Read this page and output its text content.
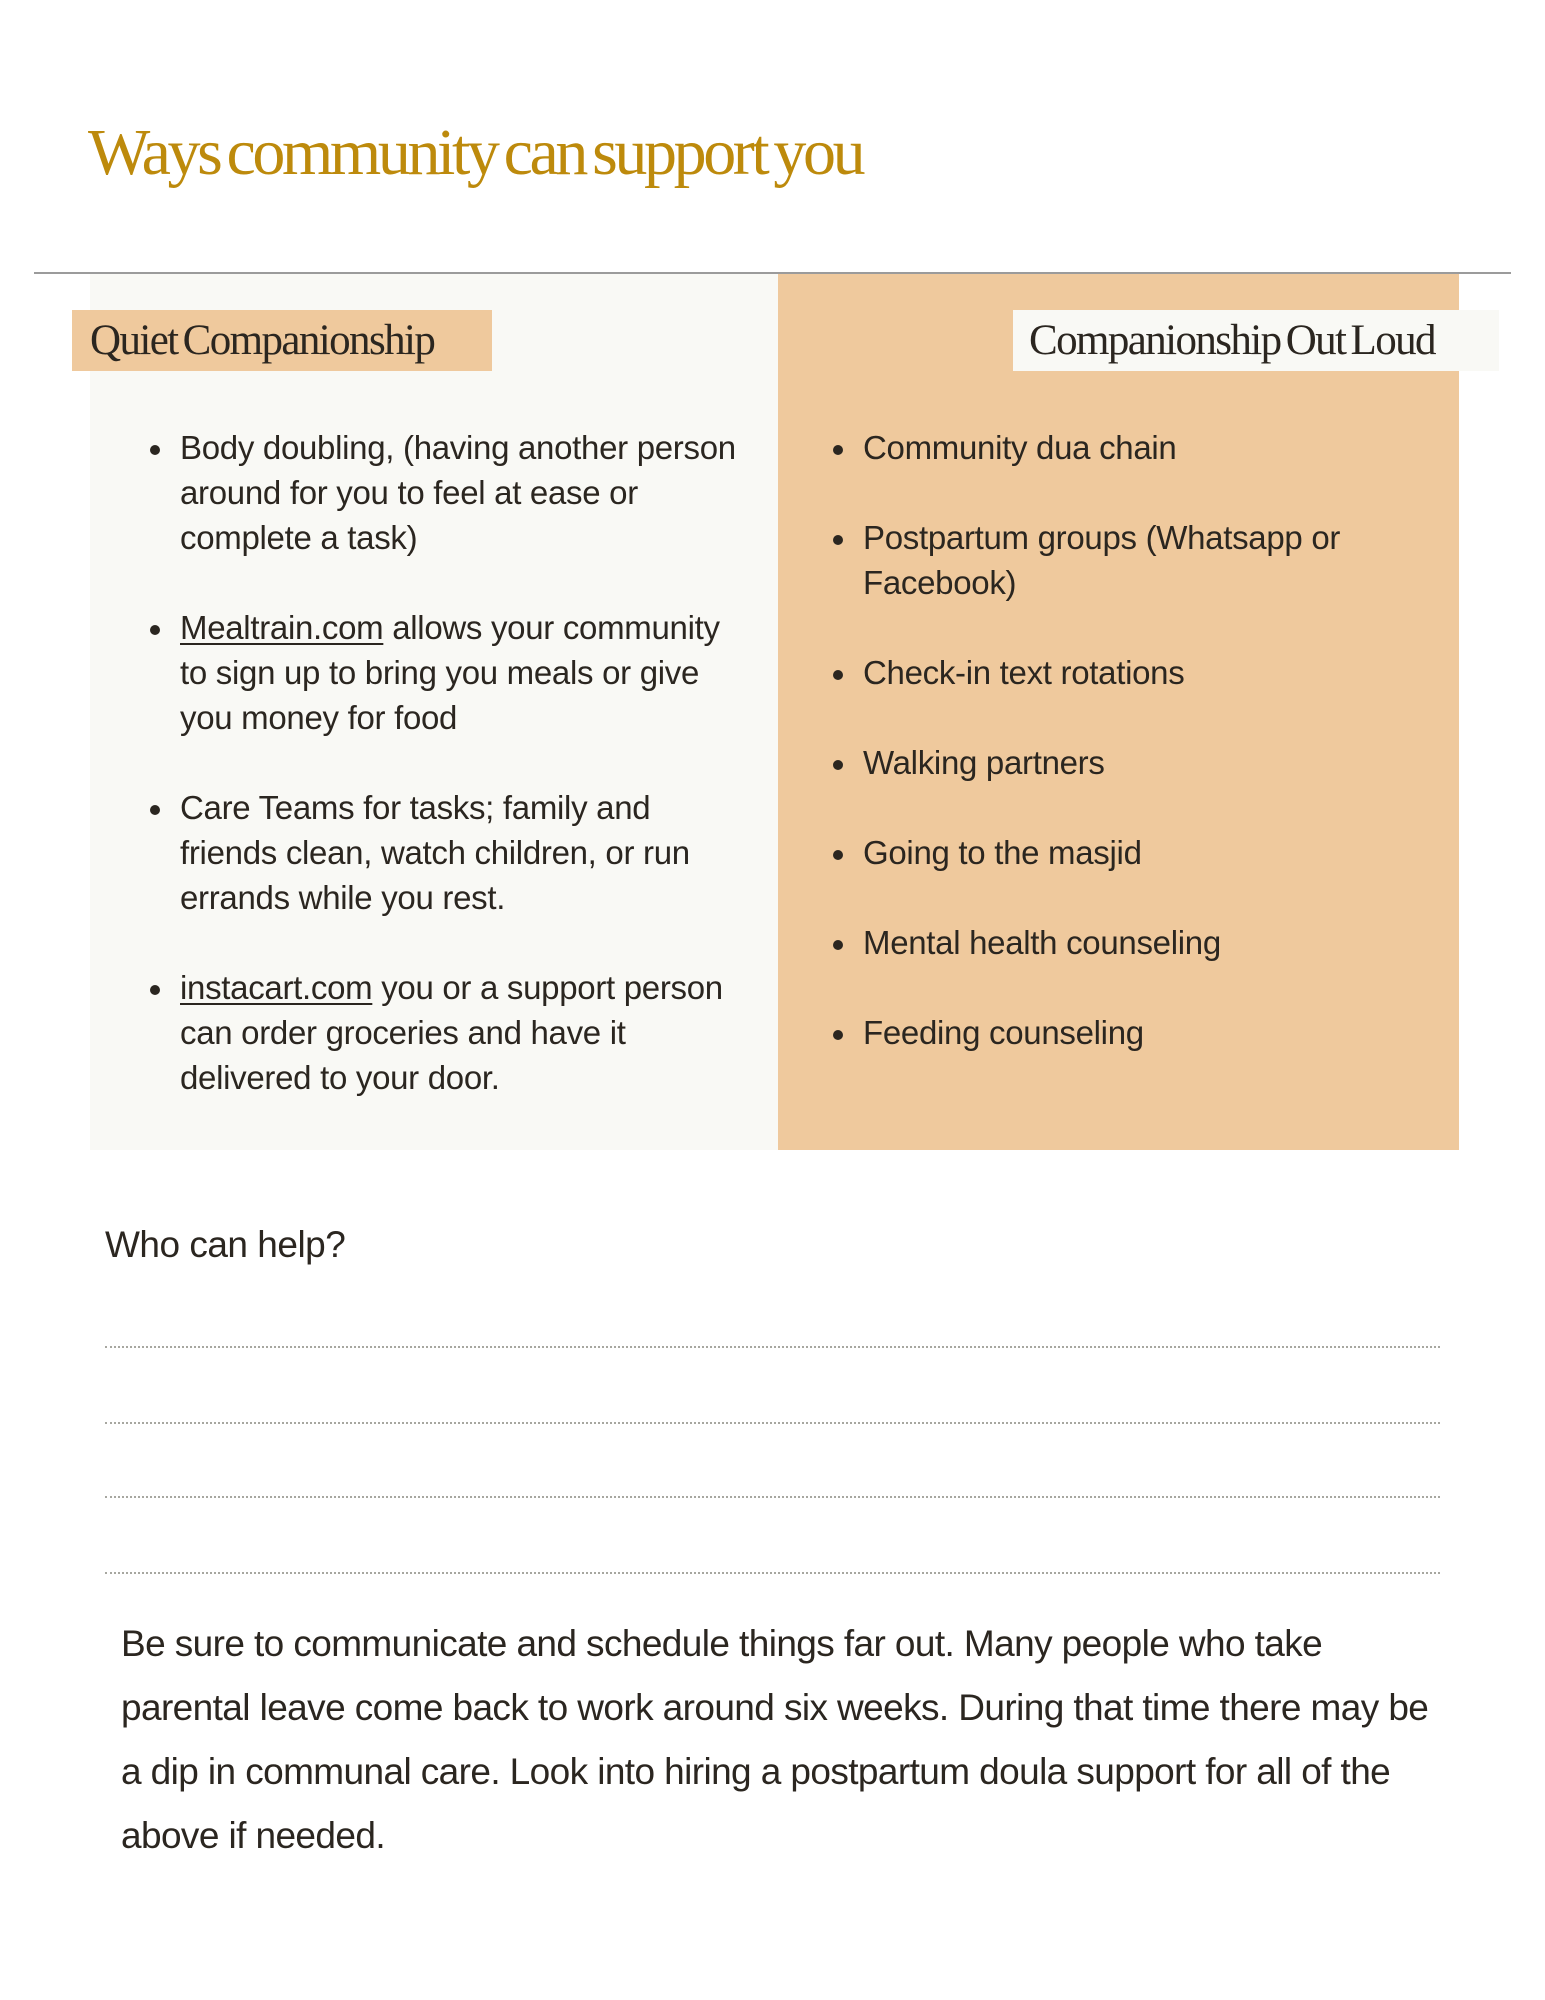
Ways community can support you
Quiet Companionship	Companionship Out Loud
Body doubling, (having another person around for you to feel at ease or complete a task)
Mealtrain.com allows your community to sign up to bring you meals or give you money for food
Care Teams for tasks; family and friends clean, watch children, or run errands while you rest.
instacart.com you or a support person can order groceries and have it delivered to your door.
Community dua chain
Postpartum groups (Whatsapp or Facebook)
Check-in text rotations
Walking partners
Going to the masjid
Mental health counseling
Feeding counseling
Who can help?

Be sure to communicate and schedule things far out. Many people who take parental leave come back to work around six weeks. During that time there may be a dip in communal care. Look into hiring a postpartum doula support for all of the above if needed.
